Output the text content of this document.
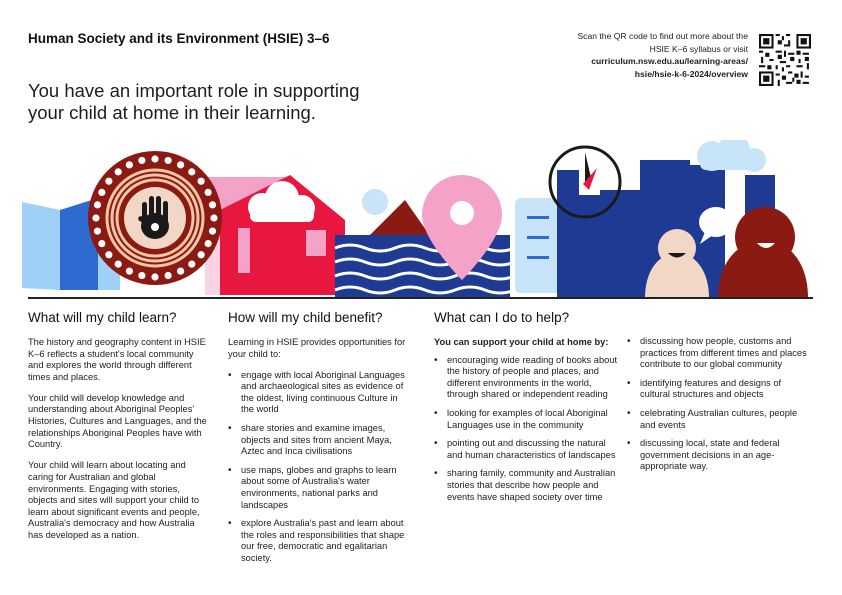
Human Society and its Environment (HSIE) 3–6
You have an important role in supporting your child at home in their learning.
Scan the QR code to find out more about the
HSIE K–6 syllabus or visit
curriculum.nsw.edu.au/learning-areas/
hsie/hsie-k-6-2024/overview
What will my child learn?

The history and geography content in HSIE K–6 reflects a student's local community and explores the world through different times and places.

Your child will develop knowledge and understanding about Aboriginal Peoples' Histories, Cultures and Languages, and the relationships Aboriginal Peoples have with Country.

Your child will learn about locating and caring for Australian and global environments. Engaging with stories, objects and sites will support your child to learn about significant events and people, Australia's democracy and how Australia has developed as a nation.

How will my child benefit?

Learning in HSIE provides opportunities for your child to:

• engage with local Aboriginal Languages and archaeological sites as evidence of the oldest, living continuous Culture in the world
• share stories and examine images, objects and sites from ancient Maya, Aztec and Inca civilisations
• use maps, globes and graphs to learn about some of Australia's water environments, national parks and landscapes
• explore Australia's past and learn about the roles and responsibilities that shape our free, democratic and egalitarian society.
What can I do to help?

You can support your child at home by:

• encouraging wide reading of books about the history of people and places, and different environments in the world, through shared or independent reading
• looking for examples of local Aboriginal Languages use in the community
• pointing out and discussing the natural and human characteristics of landscapes
• sharing family, community and Australian stories that describe how people and events have shaped society over time
• discussing how people, customs and practices from different times and places contribute to our global community
• identifying features and designs of cultural structures and objects
• celebrating Australian cultures, people and events
• discussing local, state and federal government decisions in an age-appropriate way.
